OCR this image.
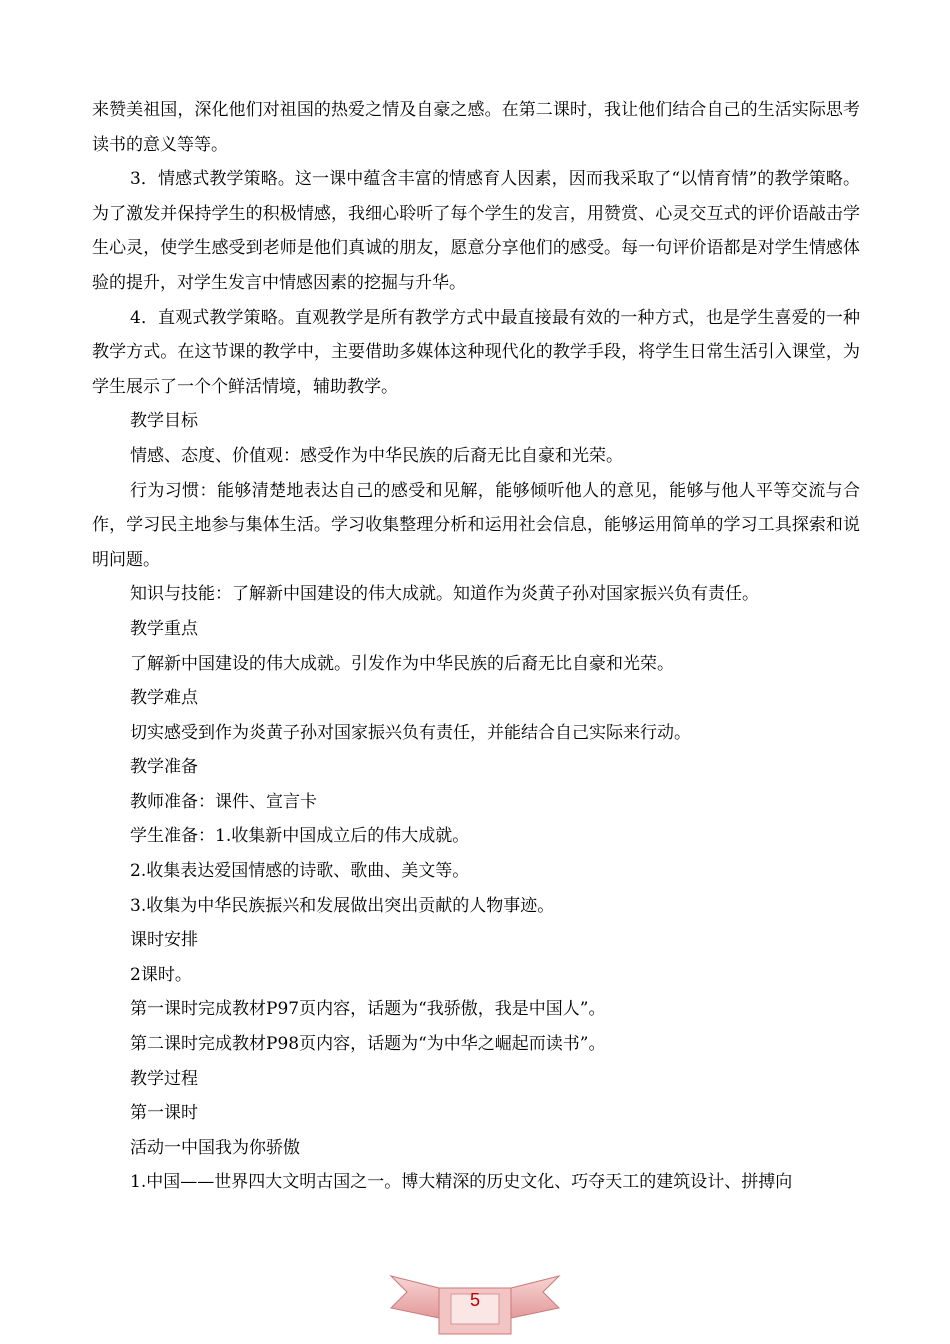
来赞美祖国，深化他们对祖国的热爱之情及自豪之感。在第二课时，我让他们结合自己的生活实际思考读书的意义等等。

3．情感式教学策略。这一课中蕴含丰富的情感育人因素，因而我采取了“以情育情”的教学策略。为了激发并保持学生的积极情感，我细心聆听了每个学生的发言，用赞赏、心灵交互式的评价语敲击学生心灵，使学生感受到老师是他们真诚的朋友，愿意分享他们的感受。每一句评价语都是对学生情感体验的提升，对学生发言中情感因素的挖掘与升华。

4．直观式教学策略。直观教学是所有教学方式中最直接最有效的一种方式，也是学生喜爱的一种教学方式。在这节课的教学中，主要借助多媒体这种现代化的教学手段，将学生日常生活引入课堂，为学生展示了一个个鲜活情境，辅助教学。

教学目标

情感、态度、价值观：感受作为中华民族的后裔无比自豪和光荣。

行为习惯：能够清楚地表达自己的感受和见解，能够倾听他人的意见，能够与他人平等交流与合作，学习民主地参与集体生活。学习收集整理分析和运用社会信息，能够运用简单的学习工具探索和说明问题。

知识与技能：了解新中国建设的伟大成就。知道作为炎黄子孙对国家振兴负有责任。

教学重点

了解新中国建设的伟大成就。引发作为中华民族的后裔无比自豪和光荣。

教学难点

切实感受到作为炎黄子孙对国家振兴负有责任，并能结合自己实际来行动。

教学准备

教师准备：课件、宣言卡

学生准备：1.收集新中国成立后的伟大成就。

2.收集表达爱国情感的诗歌、歌曲、美文等。

3.收集为中华民族振兴和发展做出突出贡献的人物事迹。

课时安排

2课时。

第一课时完成教材P97页内容，话题为“我骄傲，我是中国人”。

第二课时完成教材P98页内容，话题为“为中华之崛起而读书”。

教学过程

第一课时

活动一中国我为你骄傲

1.中国——世界四大文明古国之一。博大精深的历史文化、巧夺天工的建筑设计、拼搏向

5
